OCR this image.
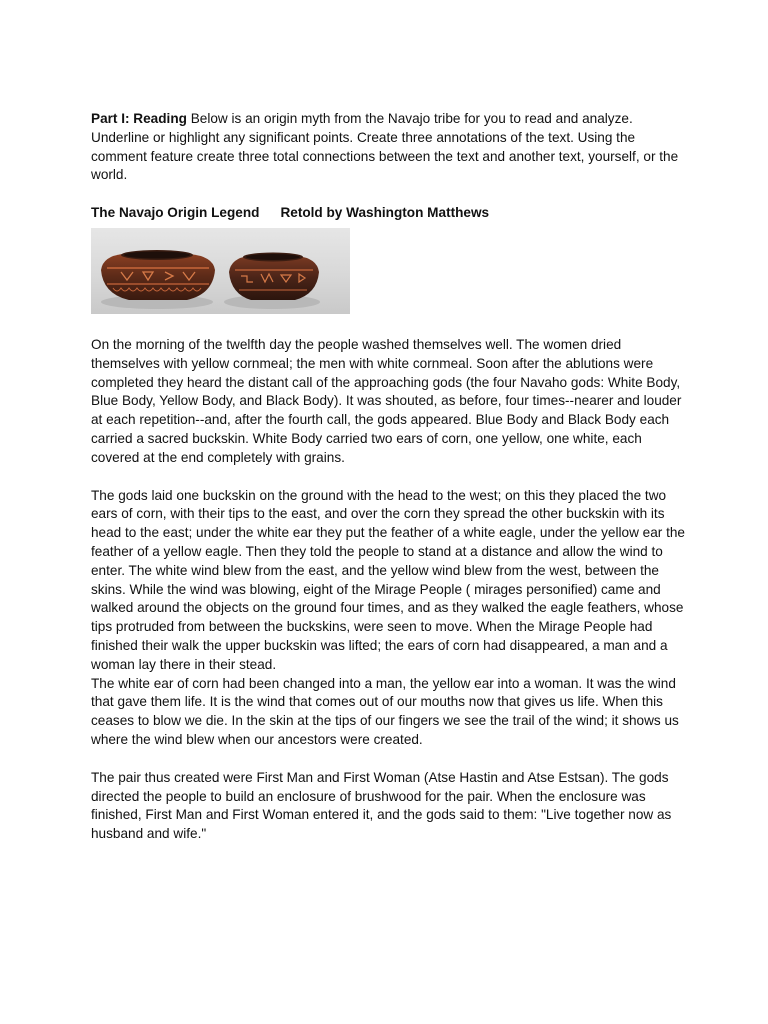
Part I: Reading Below is an origin myth from the Navajo tribe for you to read and analyze. Underline or highlight any significant points. Create three annotations of the text. Using the comment feature create three total connections between the text and another text, yourself, or the world.

The Navajo Origin Legend Retold by Washington Matthews

On the morning of the twelfth day the people washed themselves well. The women dried themselves with yellow cornmeal; the men with white cornmeal. Soon after the ablutions were completed they heard the distant call of the approaching gods (the four Navaho gods: White Body, Blue Body, Yellow Body, and Black Body). It was shouted, as before, four times--nearer and louder at each repetition--and, after the fourth call, the gods appeared. Blue Body and Black Body each carried a sacred buckskin. White Body carried two ears of corn, one yellow, one white, each covered at the end completely with grains.

The gods laid one buckskin on the ground with the head to the west; on this they placed the two ears of corn, with their tips to the east, and over the corn they spread the other buckskin with its head to the east; under the white ear they put the feather of a white eagle, under the yellow ear the feather of a yellow eagle. Then they told the people to stand at a distance and allow the wind to enter. The white wind blew from the east, and the yellow wind blew from the west, between the skins. While the wind was blowing, eight of the Mirage People ( mirages personified) came and walked around the objects on the ground four times, and as they walked the eagle feathers, whose tips protruded from between the buckskins, were seen to move. When the Mirage People had finished their walk the upper buckskin was lifted; the ears of corn had disappeared, a man and a woman lay there in their stead.

The white ear of corn had been changed into a man, the yellow ear into a woman. It was the wind that gave them life. It is the wind that comes out of our mouths now that gives us life. When this ceases to blow we die. In the skin at the tips of our fingers we see the trail of the wind; it shows us where the wind blew when our ancestors were created.

The pair thus created were First Man and First Woman (Atse Hastin and Atse Estsan). The gods directed the people to build an enclosure of brushwood for the pair. When the enclosure was finished, First Man and First Woman entered it, and the gods said to them: "Live together now as husband and wife."
